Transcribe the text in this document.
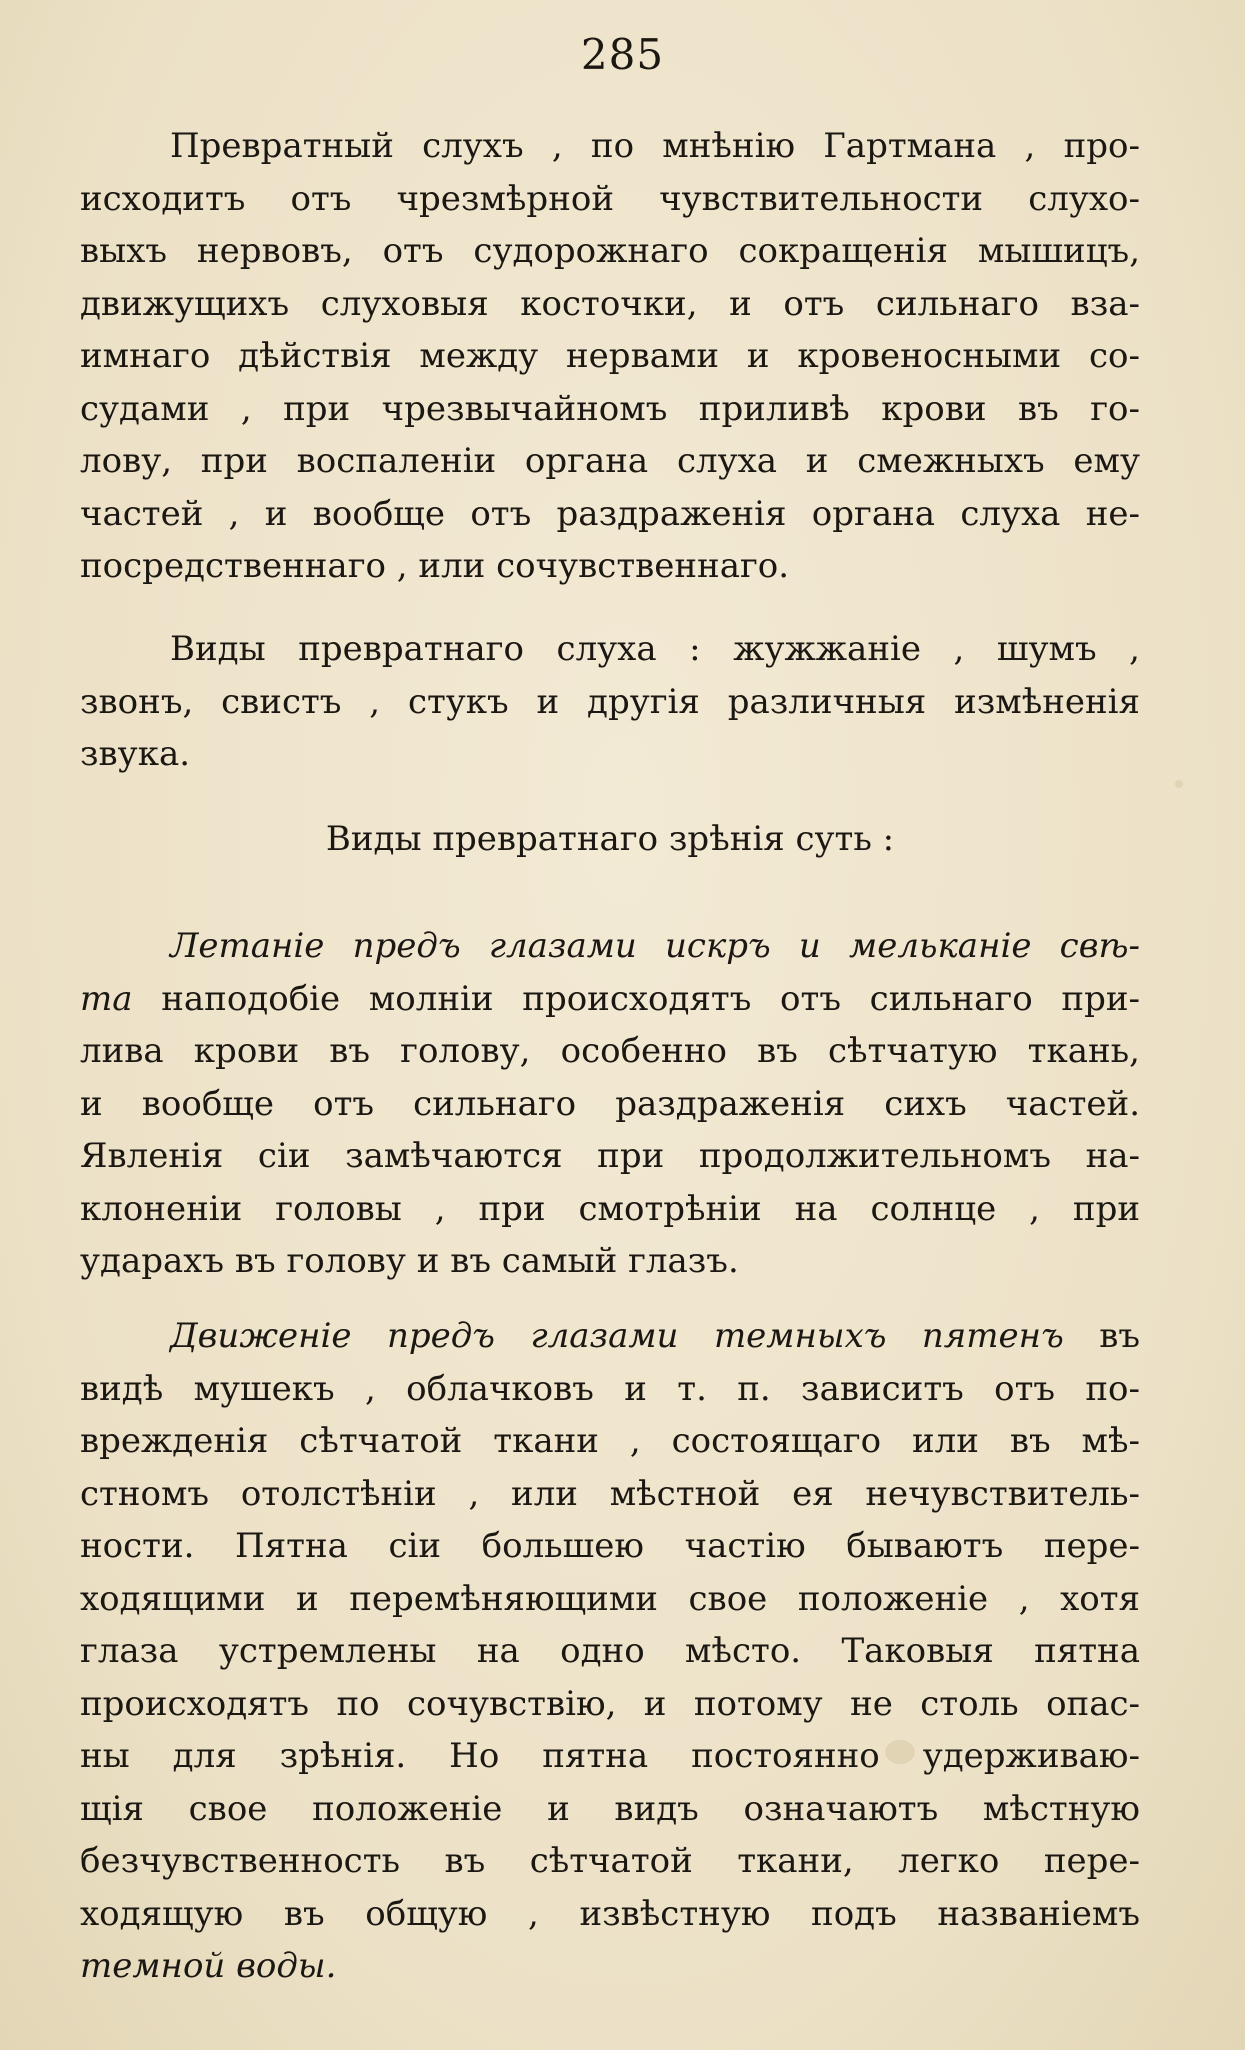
285
Превратный слухъ , по мнѣнію Гартмана , про-
исходитъ отъ чрезмѣрной чувствительности слухо-
выхъ нервовъ, отъ судорожнаго сокращенія мышицъ,
движущихъ слуховыя косточки, и отъ сильнаго вза-
имнаго дѣйствія между нервами и кровеносными со-
судами , при чрезвычайномъ приливѣ крови въ го-
лову, при воспаленіи органа слуха и смежныхъ ему
частей , и вообще отъ раздраженія органа слуха не-
посредственнаго , или сочувственнаго.
Виды превратнаго слуха : жужжаніе , шумъ ,
звонъ, свистъ , стукъ и другія различныя измѣненія
звука.
Виды превратнаго зрѣнія суть :
Летаніе предъ глазами искръ и мельканіе свѣ-
та наподобіе молніи происходятъ отъ сильнаго при-
лива крови въ голову, особенно въ сѣтчатую ткань,
и вообще отъ сильнаго раздраженія сихъ частей.
Явленія сіи замѣчаются при продолжительномъ на-
клоненіи головы , при смотрѣніи на солнце , при
ударахъ въ голову и въ самый глазъ.
Движеніе предъ глазами темныхъ пятенъ въ
видѣ мушекъ , облачковъ и т. п. зависитъ отъ по-
врежденія сѣтчатой ткани , состоящаго или въ мѣ-
стномъ отолстѣніи , или мѣстной ея нечувствитель-
ности. Пятна сіи большею частію бываютъ пере-
ходящими и перемѣняющими свое положеніе , хотя
глаза устремлены на одно мѣсто. Таковыя пятна
происходятъ по сочувствію, и потому не столь опас-
ны для зрѣнія. Но пятна постоянно удерживаю-
щія свое положеніе и видъ означаютъ мѣстную
безчувственность въ сѣтчатой ткани, легко пере-
ходящую въ общую , извѣстную подъ названіемъ
темной воды.
